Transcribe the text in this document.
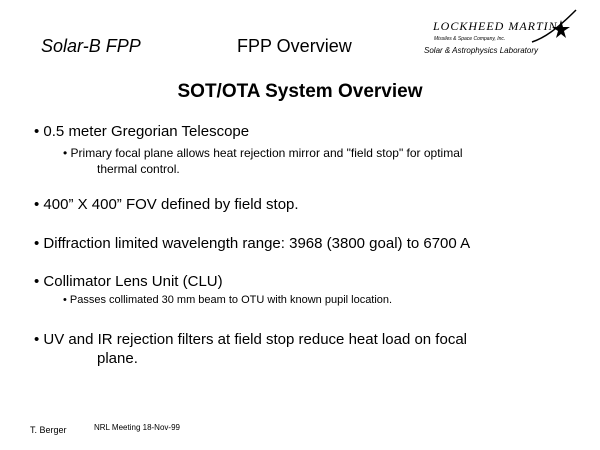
Solar-B FPP	FPP Overview
LOCKHEED MARTIN
Missiles & Space Company, Inc.
Solar & Astrophysics Laboratory
SOT/OTA System Overview
• 0.5 meter Gregorian Telescope
• Primary focal plane allows heat rejection mirror and "field stop" for optimal
thermal control.
• 400” X 400” FOV defined by field stop.
• Diffraction limited wavelength range: 3968 (3800 goal) to 6700 A
• Collimator Lens Unit (CLU)
• Passes collimated 30 mm beam to OTU with known pupil location.
• UV and IR rejection filters at field stop reduce heat load on focal
plane.
T. Berger	NRL Meeting 18-Nov-99
